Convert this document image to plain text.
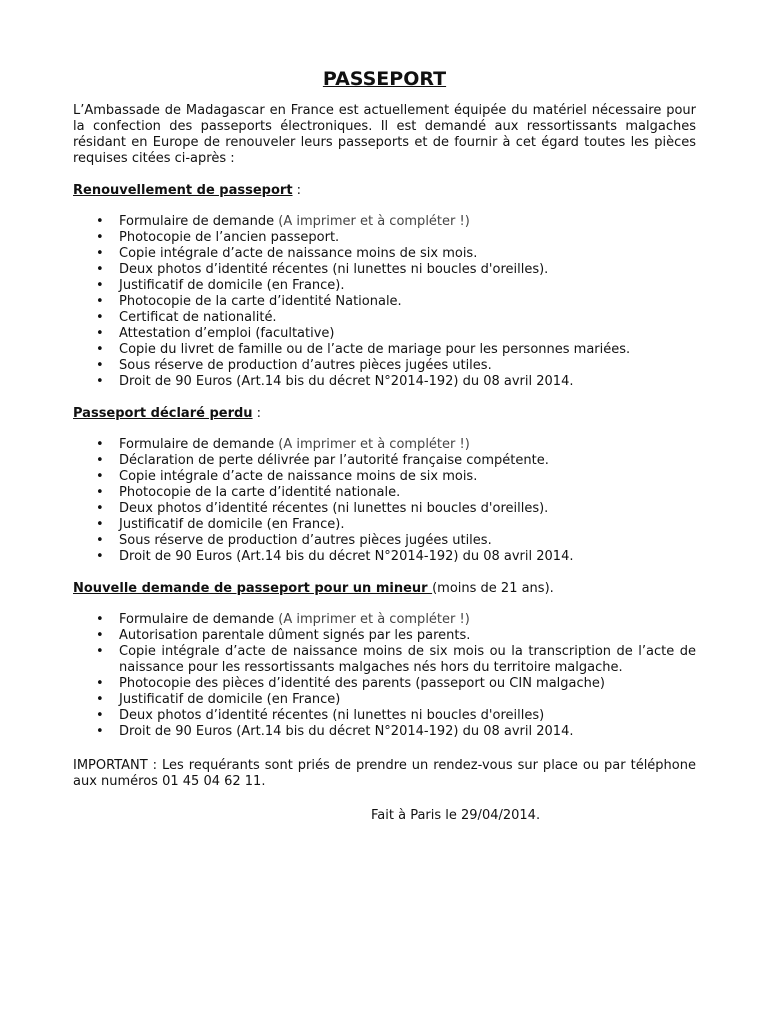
PASSEPORT

L’Ambassade de Madagascar en France est actuellement équipée du matériel nécessaire pour la confection des passeports électroniques. Il est demandé aux ressortissants malgaches résidant en Europe de renouveler leurs passeports et de fournir à cet égard toutes les pièces requises citées ci-après :

Renouvellement de passeport :
• Formulaire de demande (A imprimer et à compléter !)
• Photocopie de l’ancien passeport.
• Copie intégrale d’acte de naissance moins de six mois.
• Deux photos d’identité récentes (ni lunettes ni boucles d'oreilles).
• Justificatif de domicile (en France).
• Photocopie de la carte d’identité Nationale.
• Certificat de nationalité.
• Attestation d’emploi (facultative)
• Copie du livret de famille ou de l’acte de mariage pour les personnes mariées.
• Sous réserve de production d’autres pièces jugées utiles.
• Droit de 90 Euros (Art.14 bis du décret N°2014-192) du 08 avril 2014.
Passeport déclaré perdu :
• Formulaire de demande (A imprimer et à compléter !)
• Déclaration de perte délivrée par l’autorité française compétente.
• Copie intégrale d’acte de naissance moins de six mois.
• Photocopie de la carte d’identité nationale.
• Deux photos d’identité récentes (ni lunettes ni boucles d'oreilles).
• Justificatif de domicile (en France).
• Sous réserve de production d’autres pièces jugées utiles.
• Droit de 90 Euros (Art.14 bis du décret N°2014-192) du 08 avril 2014.
Nouvelle demande de passeport pour un mineur (moins de 21 ans).
• Formulaire de demande (A imprimer et à compléter !)
• Autorisation parentale dûment signés par les parents.
• Copie intégrale d’acte de naissance moins de six mois ou la transcription de l’acte de naissance pour les ressortissants malgaches nés hors du territoire malgache.
• Photocopie des pièces d’identité des parents (passeport ou CIN malgache)
• Justificatif de domicile (en France)
• Deux photos d’identité récentes (ni lunettes ni boucles d'oreilles)
• Droit de 90 Euros (Art.14 bis du décret N°2014-192) du 08 avril 2014.

IMPORTANT : Les requérants sont priés de prendre un rendez-vous sur place ou par téléphone aux numéros 01 45 04 62 11.

Fait à Paris le 29/04/2014.
